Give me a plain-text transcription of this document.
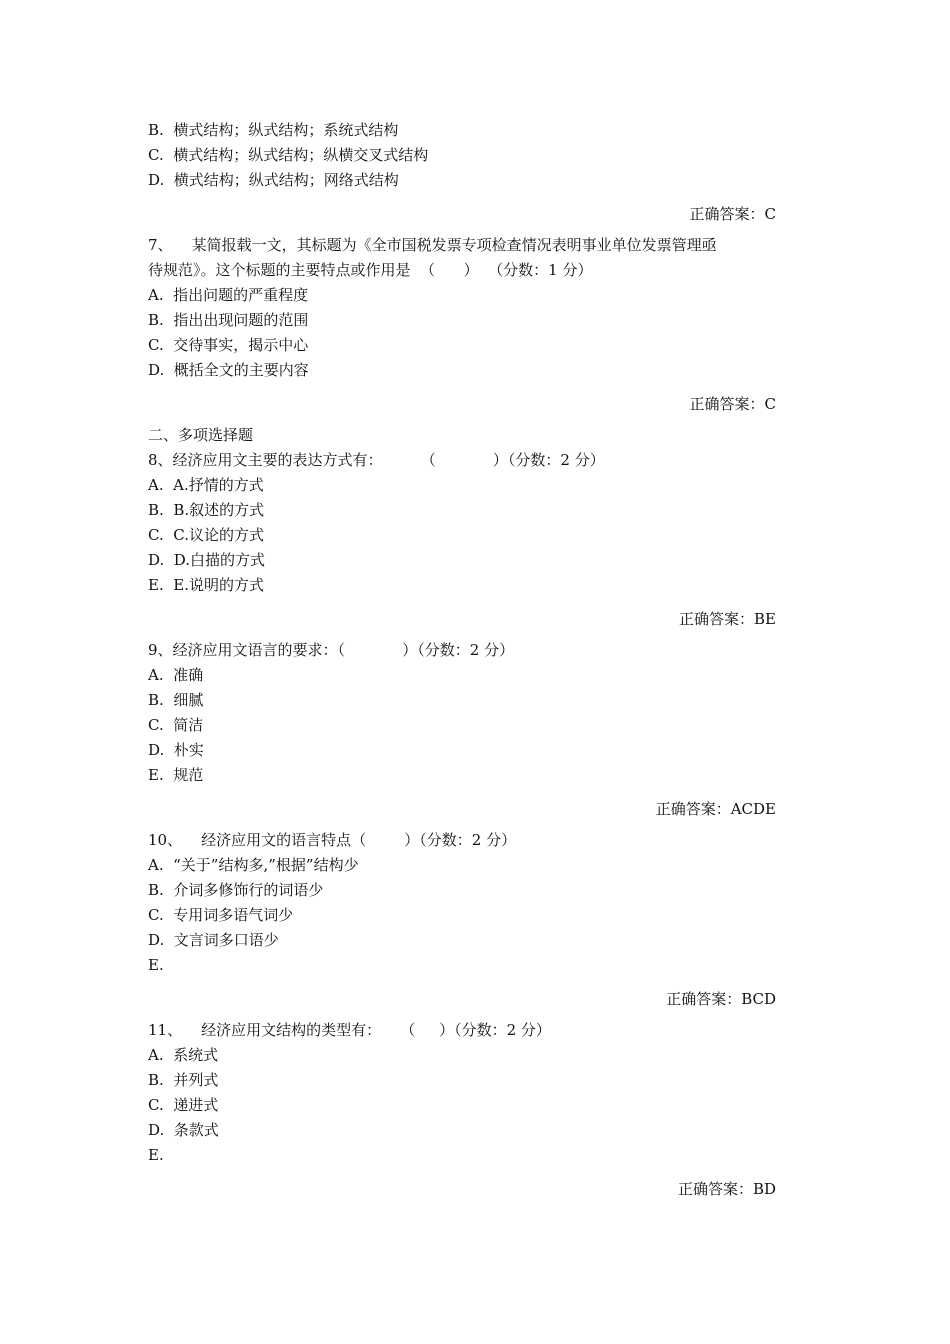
B.  横式结构；纵式结构；系统式结构
C.  横式结构；纵式结构；纵横交叉式结构
D.  横式结构；纵式结构；网络式结构
正确答案：C
7、    某简报载一文，其标题为《全市国税发票专项检查情况表明事业单位发票管理亟
待规范》。这个标题的主要特点或作用是  （      ）  （分数：1 分）
A.  指出问题的严重程度
B.  指出出现问题的范围
C.  交待事实，揭示中心
D.  概括全文的主要内容
正确答案：C
二、多项选择题
8、经济应用文主要的表达方式有：        （            ）（分数：2 分）
A.  A.抒情的方式
B.  B.叙述的方式
C.  C.议论的方式
D.  D.白描的方式
E.  E.说明的方式
正确答案：BE
9、经济应用文语言的要求：（            ）（分数：2 分）
A.  准确
B.  细腻
C.  简洁
D.  朴实
E.  规范
正确答案：ACDE
10、    经济应用文的语言特点（        ）（分数：2 分）
A.  “关于”结构多,”根据”结构少
B.  介词多修饰行的词语少
C.  专用词多语气词少
D.  文言词多口语少
E.
正确答案：BCD
11、    经济应用文结构的类型有：    （     ）（分数：2 分）
A.  系统式
B.  并列式
C.  递进式
D.  条款式
E.
正确答案：BD
